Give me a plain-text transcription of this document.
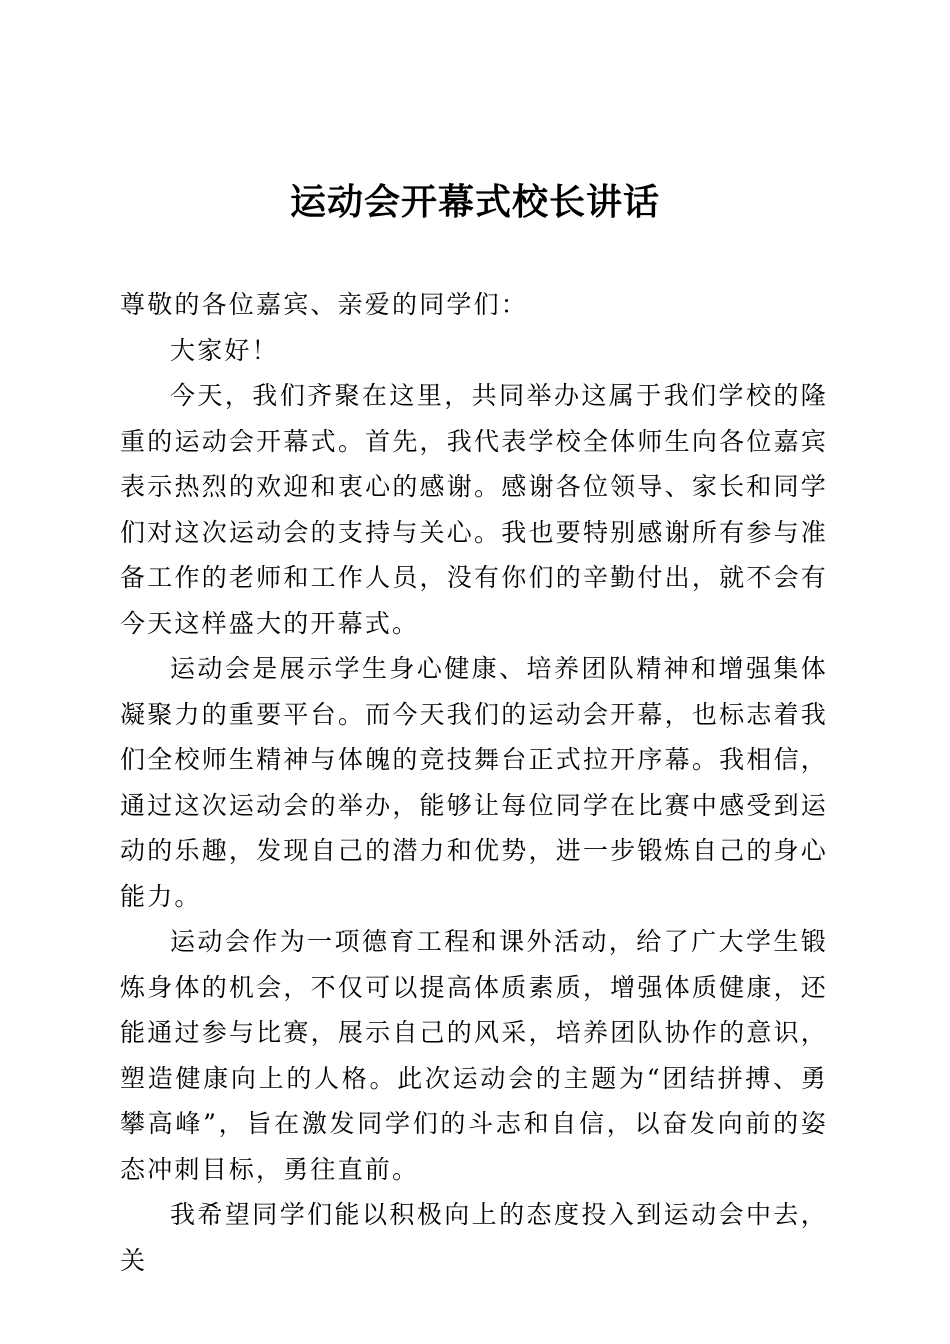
运动会开幕式校长讲话

尊敬的各位嘉宾、亲爱的同学们：

大家好！

今天，我们齐聚在这里，共同举办这属于我们学校的隆重的运动会开幕式。首先，我代表学校全体师生向各位嘉宾表示热烈的欢迎和衷心的感谢。感谢各位领导、家长和同学们对这次运动会的支持与关心。我也要特别感谢所有参与准备工作的老师和工作人员，没有你们的辛勤付出，就不会有今天这样盛大的开幕式。

运动会是展示学生身心健康、培养团队精神和增强集体凝聚力的重要平台。而今天我们的运动会开幕，也标志着我们全校师生精神与体魄的竞技舞台正式拉开序幕。我相信，通过这次运动会的举办，能够让每位同学在比赛中感受到运动的乐趣，发现自己的潜力和优势，进一步锻炼自己的身心能力。

运动会作为一项德育工程和课外活动，给了广大学生锻炼身体的机会，不仅可以提高体质素质，增强体质健康，还能通过参与比赛，展示自己的风采，培养团队协作的意识，塑造健康向上的人格。此次运动会的主题为“团结拼搏、勇攀高峰”，旨在激发同学们的斗志和自信，以奋发向前的姿态冲刺目标，勇往直前。

我希望同学们能以积极向上的态度投入到运动会中去，关
